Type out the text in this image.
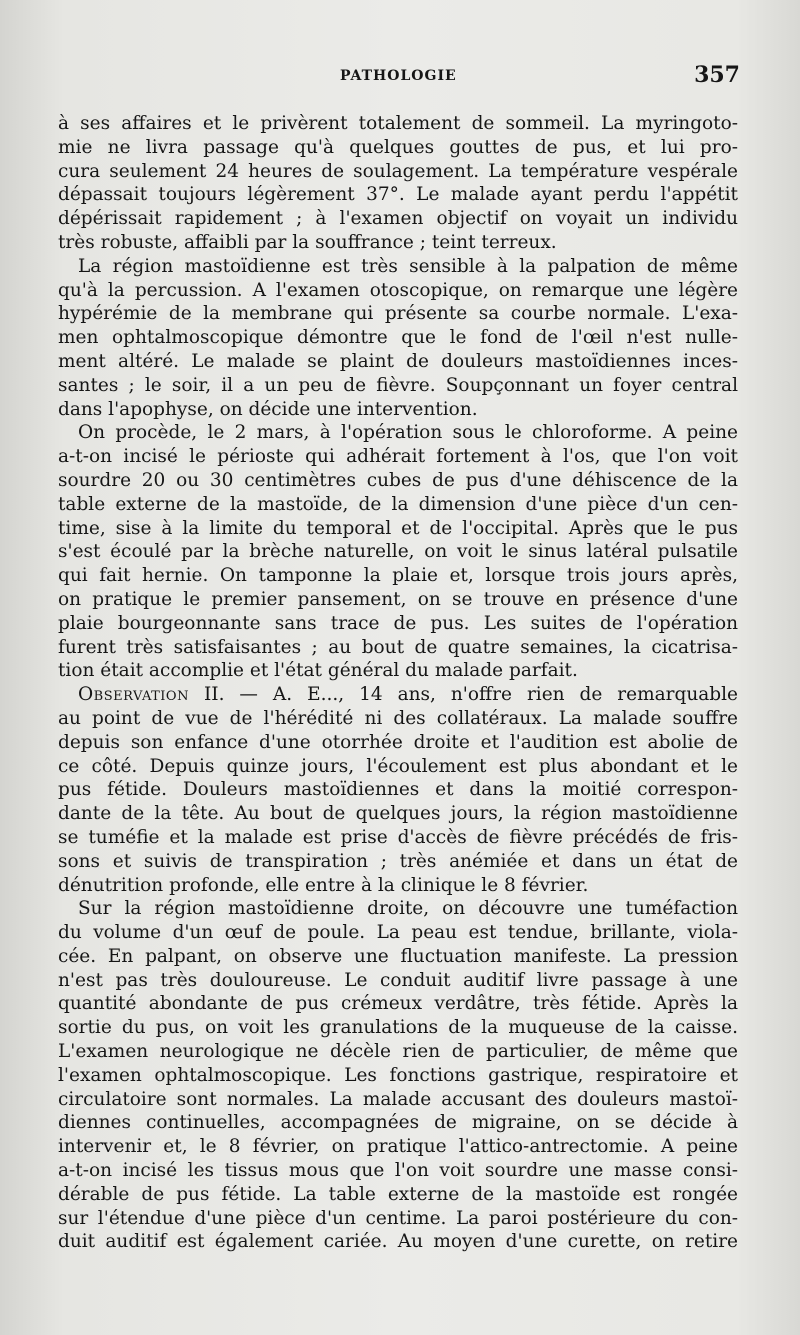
PATHOLOGIE	357
à ses affaires et le privèrent totalement de sommeil. La myringoto-
mie ne livra passage qu'à quelques gouttes de pus, et lui pro-
cura seulement 24 heures de soulagement. La température vespérale
dépassait toujours légèrement 37°. Le malade ayant perdu l'appétit
dépérissait rapidement ; à l'examen objectif on voyait un individu
très robuste, affaibli par la souffrance ; teint terreux.
La région mastoïdienne est très sensible à la palpation de même
qu'à la percussion. A l'examen otoscopique, on remarque une légère
hypérémie de la membrane qui présente sa courbe normale. L'exa-
men ophtalmoscopique démontre que le fond de l'œil n'est nulle-
ment altéré. Le malade se plaint de douleurs mastoïdiennes inces-
santes ; le soir, il a un peu de fièvre. Soupçonnant un foyer central
dans l'apophyse, on décide une intervention.
On procède, le 2 mars, à l'opération sous le chloroforme. A peine
a-t-on incisé le périoste qui adhérait fortement à l'os, que l'on voit
sourdre 20 ou 30 centimètres cubes de pus d'une déhiscence de la
table externe de la mastoïde, de la dimension d'une pièce d'un cen-
time, sise à la limite du temporal et de l'occipital. Après que le pus
s'est écoulé par la brèche naturelle, on voit le sinus latéral pulsatile
qui fait hernie. On tamponne la plaie et, lorsque trois jours après,
on pratique le premier pansement, on se trouve en présence d'une
plaie bourgeonnante sans trace de pus. Les suites de l'opération
furent très satisfaisantes ; au bout de quatre semaines, la cicatrisa-
tion était accomplie et l'état général du malade parfait.
Observation II. — A. E..., 14 ans, n'offre rien de remarquable
au point de vue de l'hérédité ni des collatéraux. La malade souffre
depuis son enfance d'une otorrhée droite et l'audition est abolie de
ce côté. Depuis quinze jours, l'écoulement est plus abondant et le
pus fétide. Douleurs mastoïdiennes et dans la moitié correspon-
dante de la tête. Au bout de quelques jours, la région mastoïdienne
se tuméfie et la malade est prise d'accès de fièvre précédés de fris-
sons et suivis de transpiration ; très anémiée et dans un état de
dénutrition profonde, elle entre à la clinique le 8 février.
Sur la région mastoïdienne droite, on découvre une tuméfaction
du volume d'un œuf de poule. La peau est tendue, brillante, viola-
cée. En palpant, on observe une fluctuation manifeste. La pression
n'est pas très douloureuse. Le conduit auditif livre passage à une
quantité abondante de pus crémeux verdâtre, très fétide. Après la
sortie du pus, on voit les granulations de la muqueuse de la caisse.
L'examen neurologique ne décèle rien de particulier, de même que
l'examen ophtalmoscopique. Les fonctions gastrique, respiratoire et
circulatoire sont normales. La malade accusant des douleurs mastoï-
diennes continuelles, accompagnées de migraine, on se décide à
intervenir et, le 8 février, on pratique l'attico-antrectomie. A peine
a-t-on incisé les tissus mous que l'on voit sourdre une masse consi-
dérable de pus fétide. La table externe de la mastoïde est rongée
sur l'étendue d'une pièce d'un centime. La paroi postérieure du con-
duit auditif est également cariée. Au moyen d'une curette, on retire
